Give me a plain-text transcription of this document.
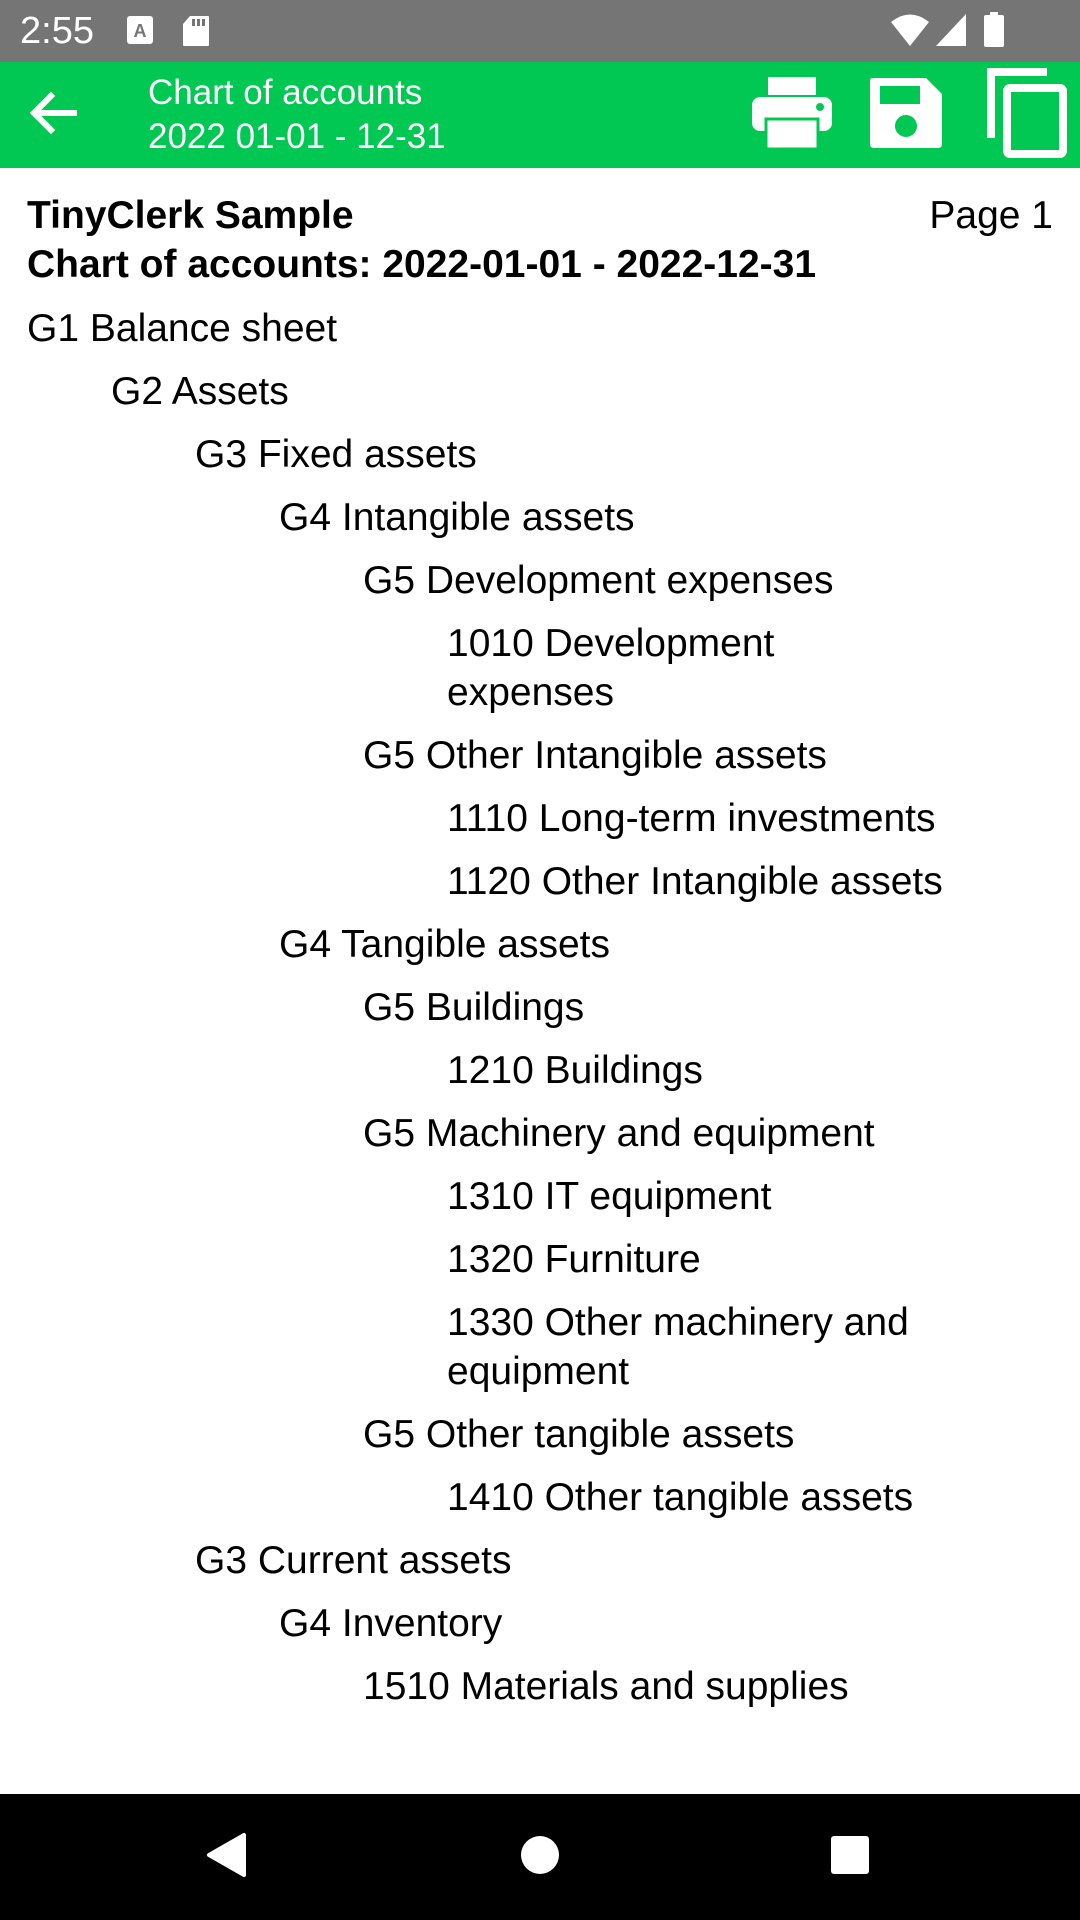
2:55 A
Chart of accounts
2022 01-01 - 12-31
TinyClerk Sample
Chart of accounts: 2022-01-01 - 2022-12-31
Page 1
G1 Balance sheet
G2 Assets
G3 Fixed assets
G4 Intangible assets
G5 Development expenses
1010 Development expenses
G5 Other Intangible assets
1110 Long-term investments
1120 Other Intangible assets
G4 Tangible assets
G5 Buildings
1210 Buildings
G5 Machinery and equipment
1310 IT equipment
1320 Furniture
1330 Other machinery and equipment
G5 Other tangible assets
1410 Other tangible assets
G3 Current assets
G4 Inventory
1510 Materials and supplies
